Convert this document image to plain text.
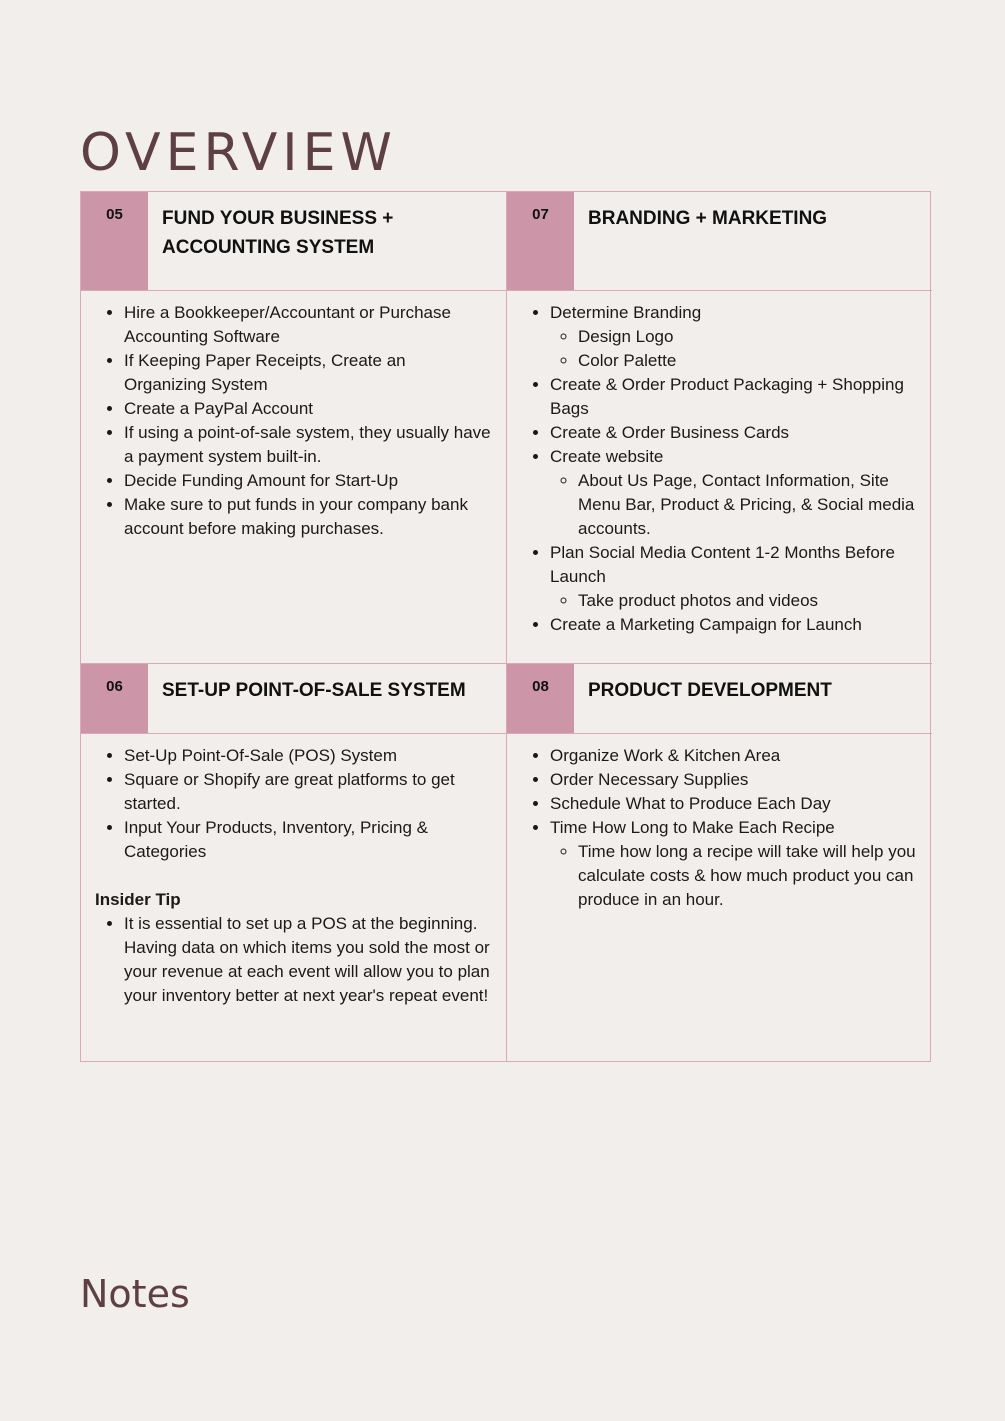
OVERVIEW
05	FUND YOUR BUSINESS + ACCOUNTING SYSTEM
07	BRANDING + MARKETING
• Hire a Bookkeeper/Accountant or Purchase Accounting Software
• If Keeping Paper Receipts, Create an Organizing System
• Create a PayPal Account
• If using a point-of-sale system, they usually have a payment system built-in.
• Decide Funding Amount for Start-Up
• Make sure to put funds in your company bank account before making purchases.
• Determine Branding
◦ Design Logo
◦ Color Palette
• Create & Order Product Packaging + Shopping Bags
• Create & Order Business Cards
• Create website
◦ About Us Page, Contact Information, Site Menu Bar, Product & Pricing, & Social media accounts.
• Plan Social Media Content 1-2 Months Before Launch
◦ Take product photos and videos
• Create a Marketing Campaign for Launch
06	SET-UP POINT-OF-SALE SYSTEM	08	PRODUCT DEVELOPMENT
• Set-Up Point-Of-Sale (POS) System
• Square or Shopify are great platforms to get started.
• Input Your Products, Inventory, Pricing & Categories
Insider Tip
• It is essential to set up a POS at the beginning. Having data on which items you sold the most or your revenue at each event will allow you to plan your inventory better at next year's repeat event!
• Organize Work & Kitchen Area
• Order Necessary Supplies
• Schedule What to Produce Each Day
• Time How Long to Make Each Recipe
◦ Time how long a recipe will take will help you calculate costs & how much product you can produce in an hour.
Notes
